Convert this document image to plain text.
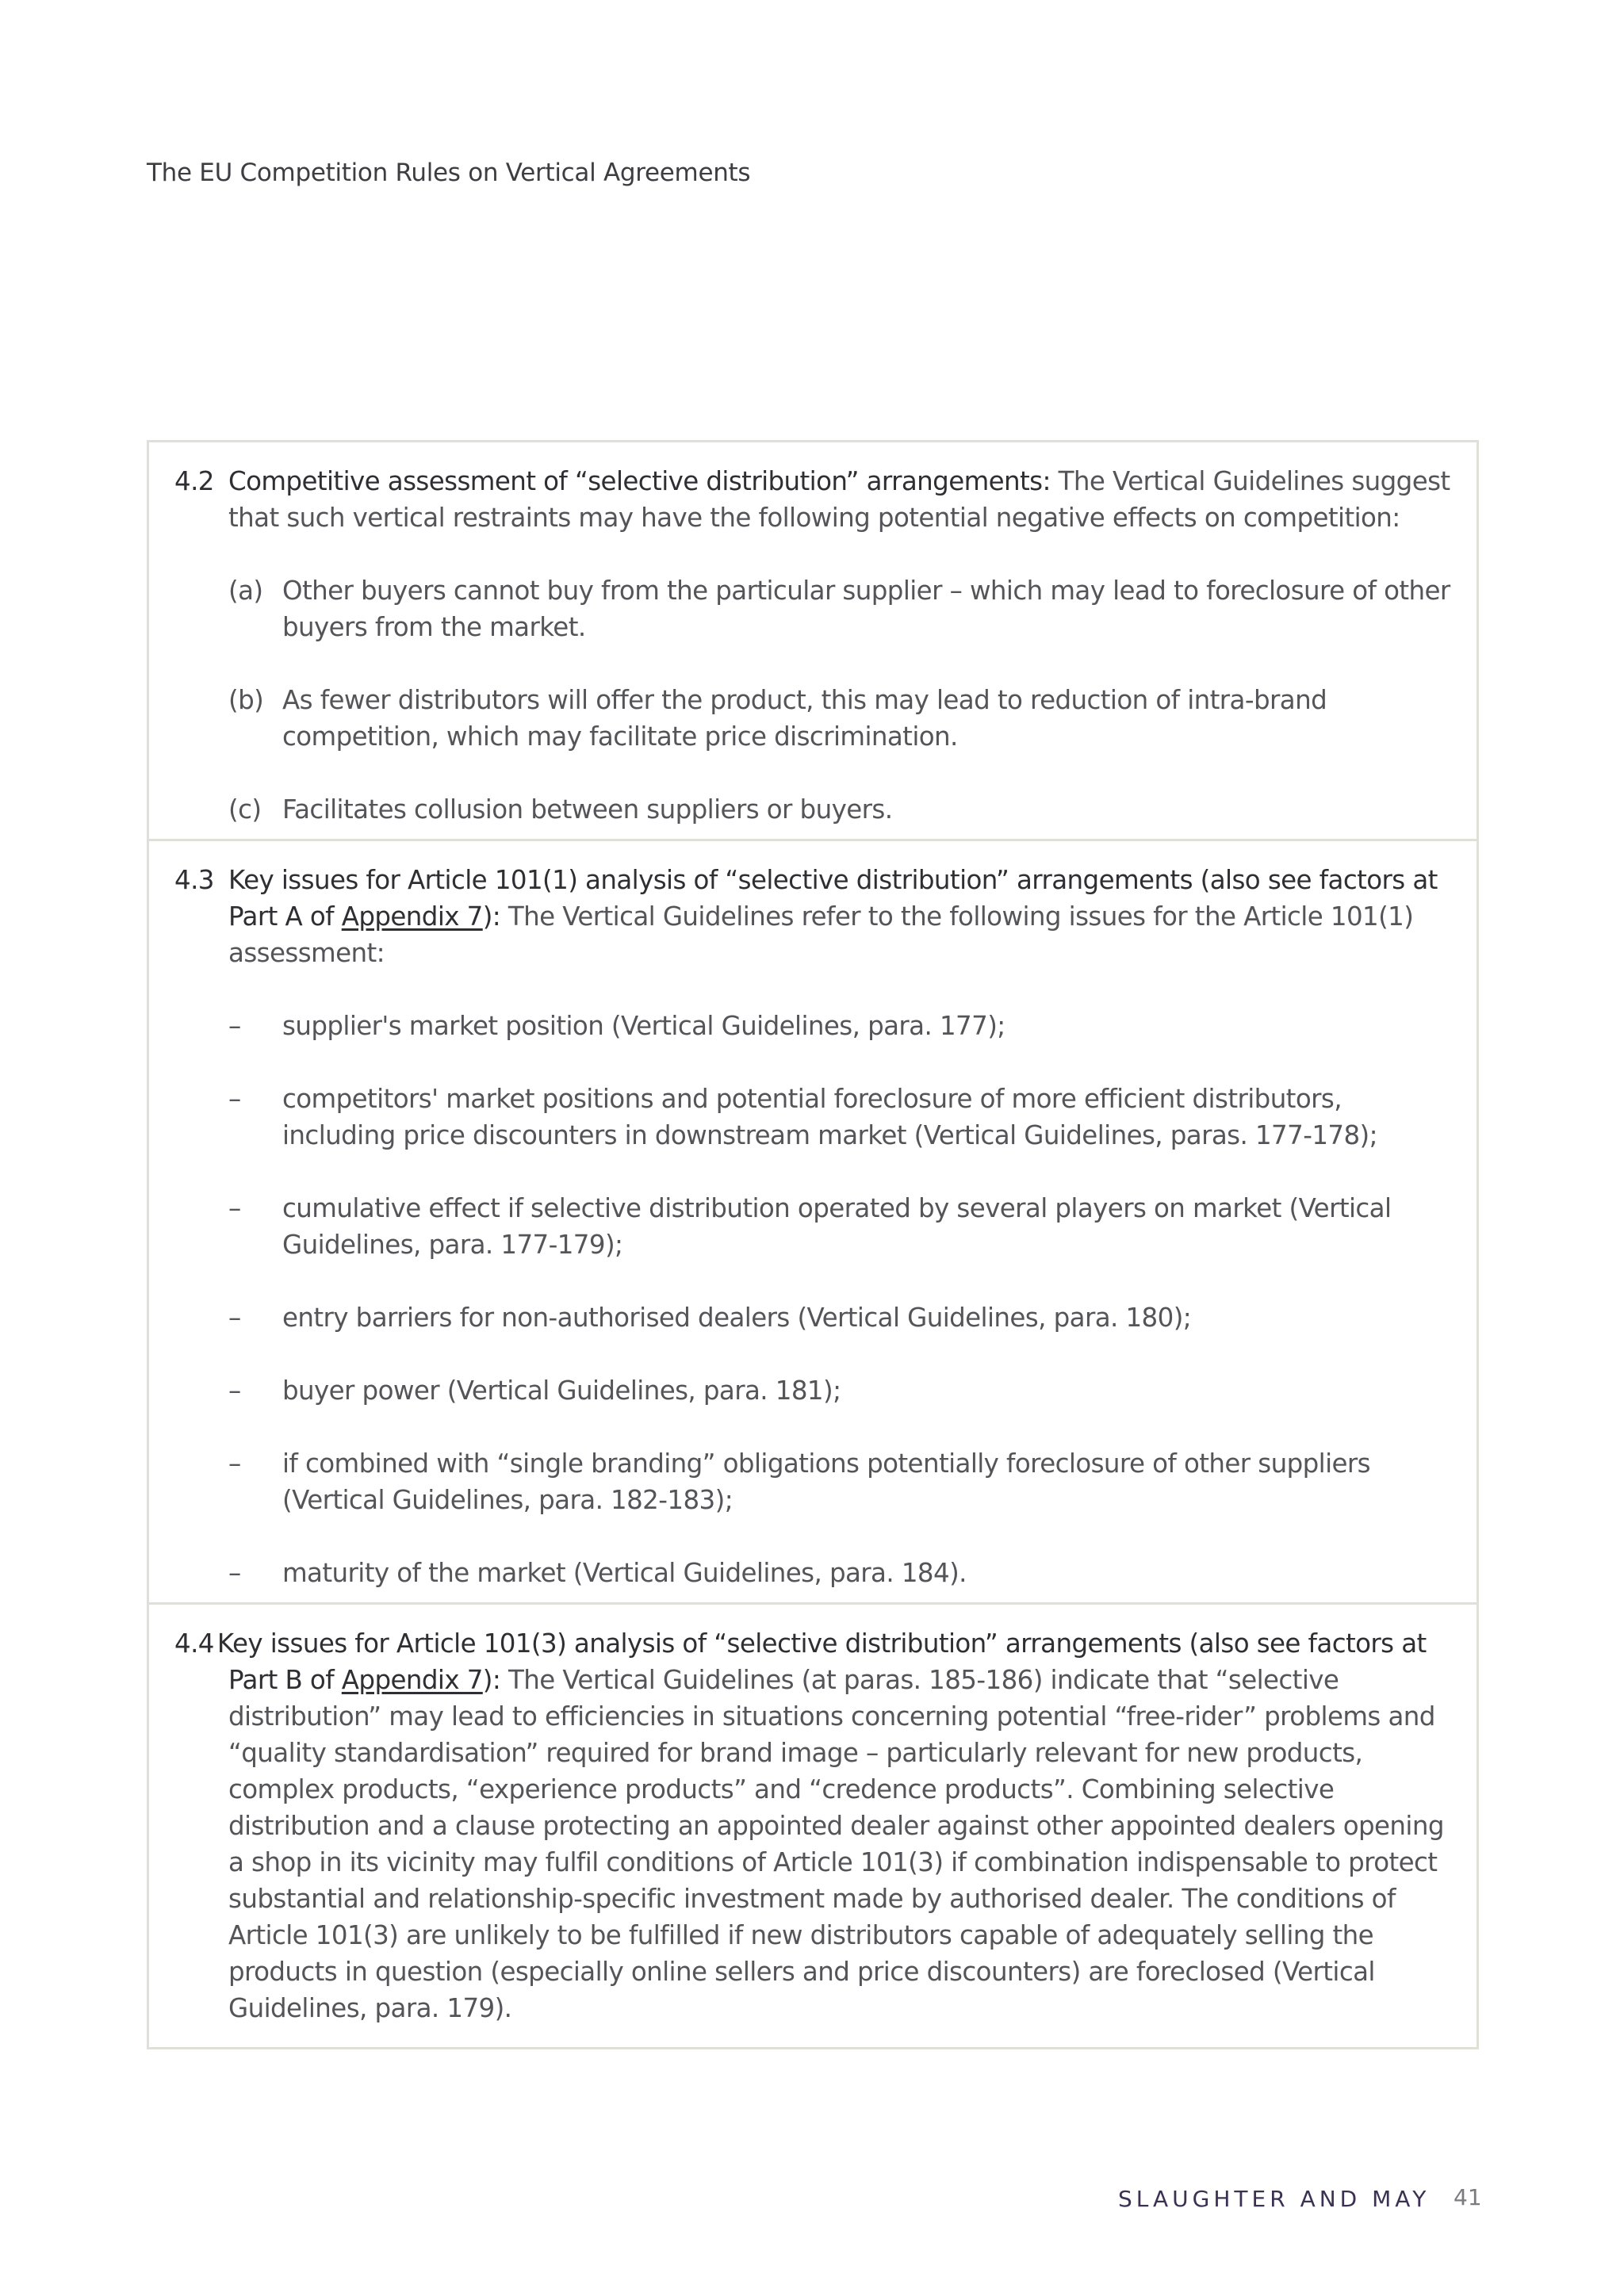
The EU Competition Rules on Vertical Agreements
4.2 Competitive assessment of “selective distribution” arrangements: The Vertical Guidelines suggest that such vertical restraints may have the following potential negative effects on competition:
(a) Other buyers cannot buy from the particular supplier – which may lead to foreclosure of other buyers from the market.
(b) As fewer distributors will offer the product, this may lead to reduction of intra-brand competition, which may facilitate price discrimination.
(c) Facilitates collusion between suppliers or buyers.
4.3 Key issues for Article 101(1) analysis of “selective distribution” arrangements (also see factors at Part A of Appendix 7): The Vertical Guidelines refer to the following issues for the Article 101(1) assessment:
–	supplier's market position (Vertical Guidelines, para. 177);
–	competitors' market positions and potential foreclosure of more efficient distributors, including price discounters in downstream market (Vertical Guidelines, paras. 177-178);
–	cumulative effect if selective distribution operated by several players on market (Vertical Guidelines, para. 177-179);
–	entry barriers for non-authorised dealers (Vertical Guidelines, para. 180);
–	buyer power (Vertical Guidelines, para. 181);
–	if combined with “single branding” obligations potentially foreclosure of other suppliers (Vertical Guidelines, para. 182-183);
–	maturity of the market (Vertical Guidelines, para. 184).
4.4 Key issues for Article 101(3) analysis of “selective distribution” arrangements (also see factors at Part B of Appendix 7): The Vertical Guidelines (at paras. 185-186) indicate that “selective distribution” may lead to efficiencies in situations concerning potential “free-rider” problems and “quality standardisation” required for brand image – particularly relevant for new products, complex products, “experience products” and “credence products”. Combining selective distribution and a clause protecting an appointed dealer against other appointed dealers opening a shop in its vicinity may fulfil conditions of Article 101(3) if combination indispensable to protect substantial and relationship-specific investment made by authorised dealer. The conditions of Article 101(3) are unlikely to be fulfilled if new distributors capable of adequately selling the products in question (especially online sellers and price discounters) are foreclosed (Vertical Guidelines, para. 179).
SLAUGHTER AND MAY 41
